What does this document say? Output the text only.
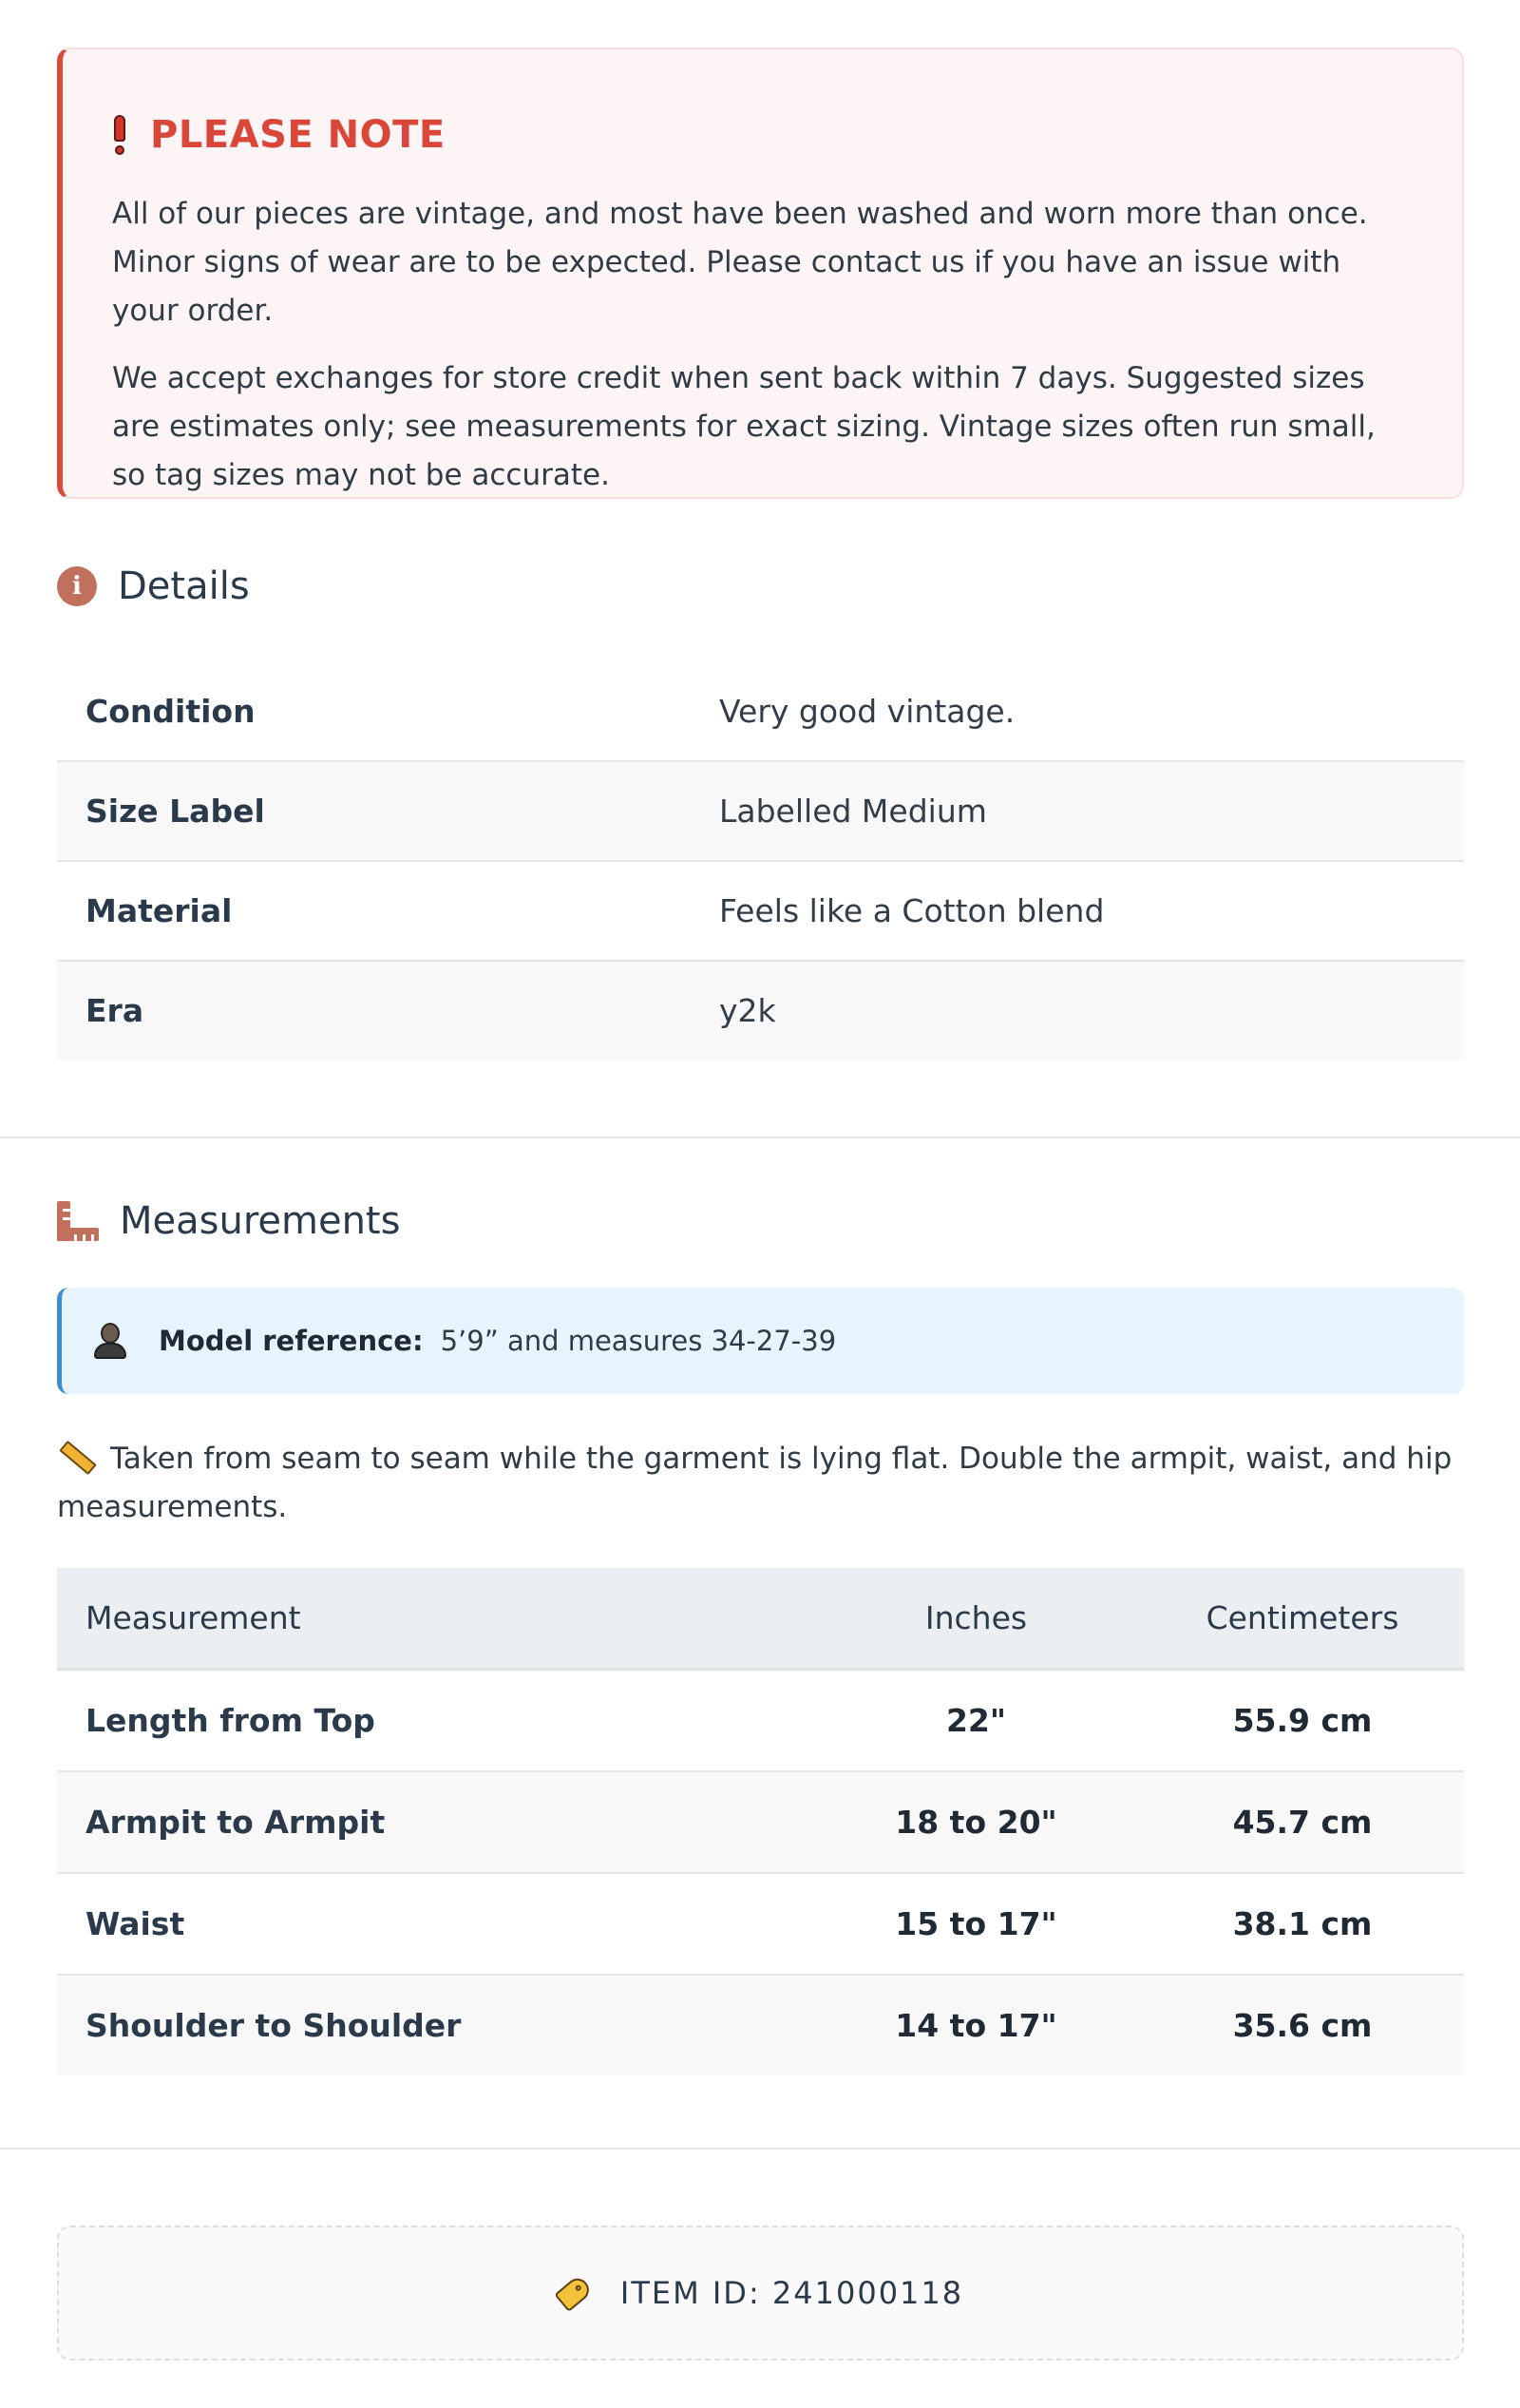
PLEASE NOTE

All of our pieces are vintage, and most have been washed and worn more than once. Minor signs of wear are to be expected. Please contact us if you have an issue with your order.

We accept exchanges for store credit when sent back within 7 days. Suggested sizes are estimates only; see measurements for exact sizing. Vintage sizes often run small, so tag sizes may not be accurate.

i Details
Condition	Very good vintage.
Size Label	Labelled Medium
Material	Feels like a Cotton blend
Era	y2k
Measurements
Model reference: 5’9” and measures 34-27-39
Taken from seam to seam while the garment is lying flat. Double the armpit, waist, and hip measurements.
Measurement	Inches	Centimeters
Length from Top	22"	55.9 cm
Armpit to Armpit	18 to 20"	45.7 cm
Waist	15 to 17"	38.1 cm
Shoulder to Shoulder	14 to 17"	35.6 cm
ITEM ID: 241000118
